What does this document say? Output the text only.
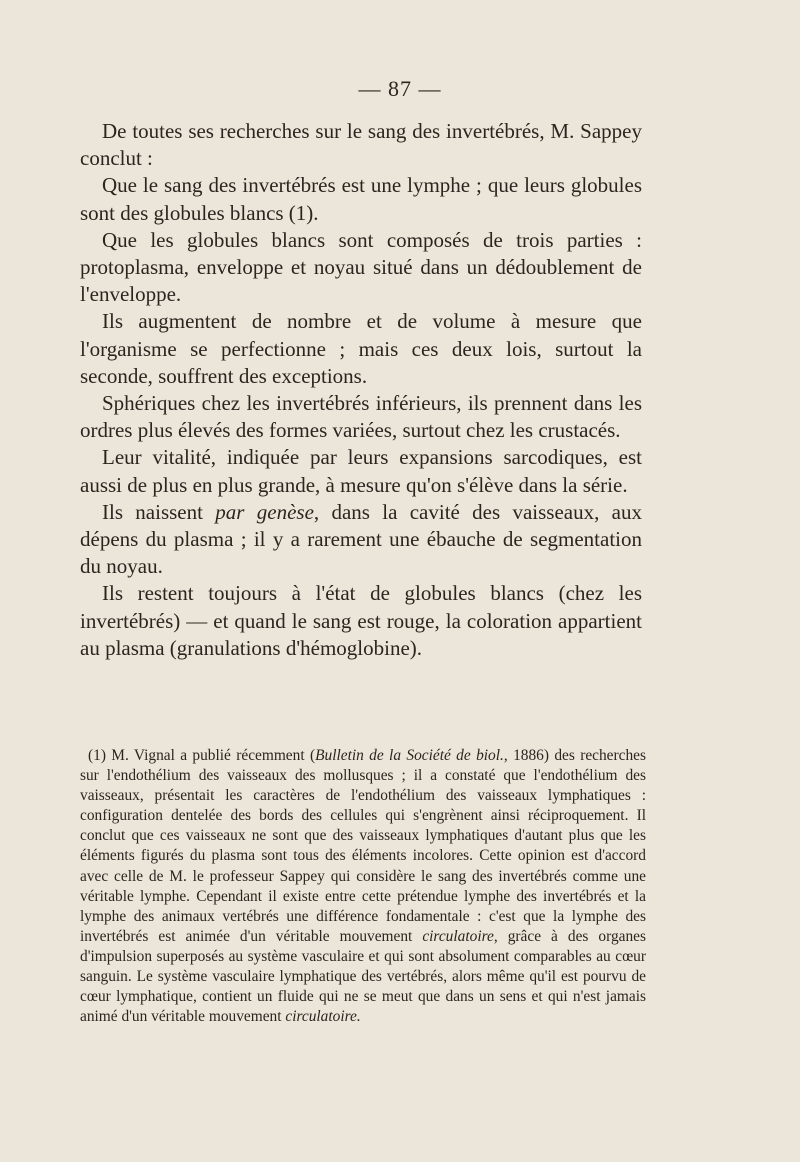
— 87 —

De toutes ses recherches sur le sang des invertébrés, M. Sappey conclut :

Que le sang des invertébrés est une lymphe ; que leurs globules sont des globules blancs (1).

Que les globules blancs sont composés de trois parties : protoplasma, enveloppe et noyau situé dans un dédoublement de l'enveloppe.

Ils augmentent de nombre et de volume à mesure que l'organisme se perfectionne ; mais ces deux lois, surtout la seconde, souffrent des exceptions.

Sphériques chez les invertébrés inférieurs, ils prennent dans les ordres plus élevés des formes variées, surtout chez les crustacés.

Leur vitalité, indiquée par leurs expansions sarcodiques, est aussi de plus en plus grande, à mesure qu'on s'élève dans la série.

Ils naissent par genèse, dans la cavité des vaisseaux, aux dépens du plasma ; il y a rarement une ébauche de segmentation du noyau.

Ils restent toujours à l'état de globules blancs (chez les invertébrés) — et quand le sang est rouge, la coloration appartient au plasma (granulations d'hémoglobine).

(1) M. Vignal a publié récemment (Bulletin de la Société de biol., 1886) des recherches sur l'endothélium des vaisseaux des mollusques ; il a constaté que l'endothélium des vaisseaux, présentait les caractères de l'endothélium des vaisseaux lymphatiques : configuration dentelée des bords des cellules qui s'engrènent ainsi réciproquement. Il conclut que ces vaisseaux ne sont que des vaisseaux lymphatiques d'autant plus que les éléments figurés du plasma sont tous des éléments incolores. Cette opinion est d'accord avec celle de M. le professeur Sappey qui considère le sang des invertébrés comme une véritable lymphe. Cependant il existe entre cette prétendue lymphe des invertébrés et la lymphe des animaux vertébrés une différence fondamentale : c'est que la lymphe des invertébrés est animée d'un véritable mouvement circulatoire, grâce à des organes d'impulsion superposés au système vasculaire et qui sont absolument comparables au cœur sanguin. Le système vasculaire lymphatique des vertébrés, alors même qu'il est pourvu de cœur lymphatique, contient un fluide qui ne se meut que dans un sens et qui n'est jamais animé d'un véritable mouvement circulatoire.
